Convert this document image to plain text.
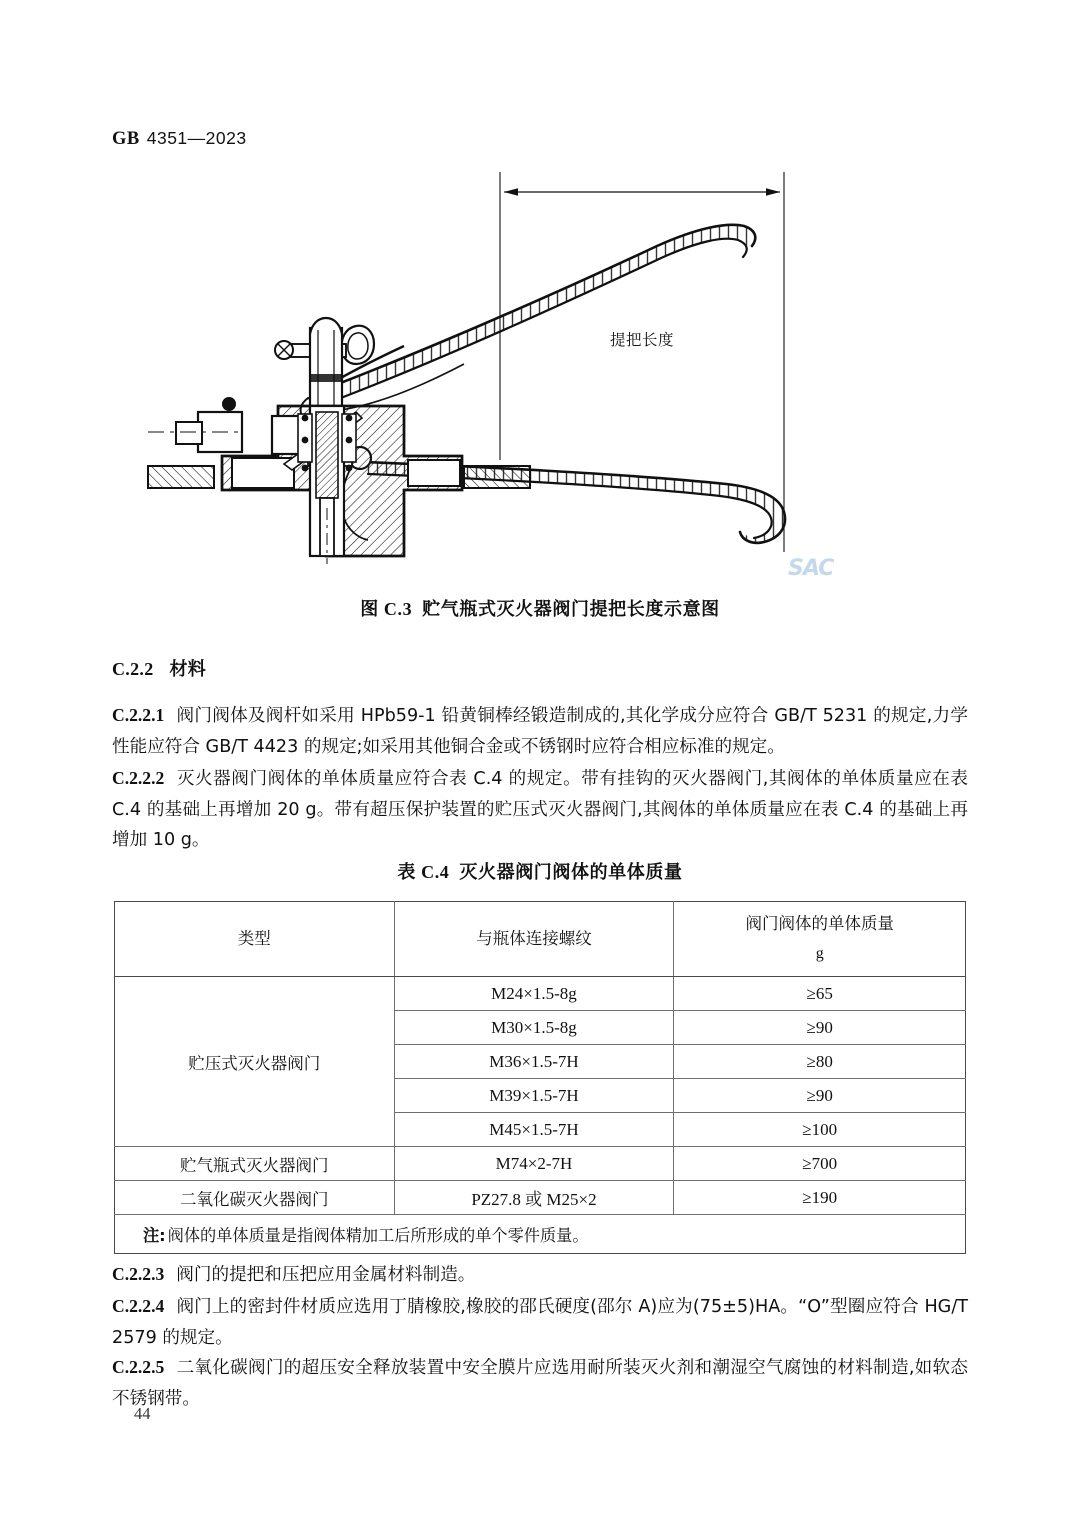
GB 4351—2023
提把长度
SAC
图 C.3 贮气瓶式灭火器阀门提把长度示意图
C.2.2 材料
C.2.2.1 阀门阀体及阀杆如采用 HPb59-1 铅黄铜棒经锻造制成的,其化学成分应符合 GB/T 5231 的规定,力学性能应符合 GB/T 4423 的规定;如采用其他铜合金或不锈钢时应符合相应标准的规定。
C.2.2.2 灭火器阀门阀体的单体质量应符合表 C.4 的规定。带有挂钩的灭火器阀门,其阀体的单体质量应在表 C.4 的基础上再增加 20 g。带有超压保护装置的贮压式灭火器阀门,其阀体的单体质量应在表 C.4 的基础上再增加 10 g。
表 C.4 灭火器阀门阀体的单体质量
类型	与瓶体连接螺纹	阀门阀体的单体质量
g

贮压式灭火器阀门	M24×1.5-8g	≥65
	M30×1.5-8g	≥90
	M36×1.5-7H	≥80
	M39×1.5-7H	≥90
	M45×1.5-7H	≥100
贮气瓶式灭火器阀门	M74×2-7H	≥700
二氧化碳灭火器阀门	PZ27.8 或 M25×2	≥190
注: 阀体的单体质量是指阀体精加工后所形成的单个零件质量。		
C.2.2.3 阀门的提把和压把应用金属材料制造。
C.2.2.4 阀门上的密封件材质应选用丁腈橡胶,橡胶的邵氏硬度(邵尔 A)应为(75±5)HA。“O”型圈应符合 HG/T 2579 的规定。
C.2.2.5 二氧化碳阀门的超压安全释放装置中安全膜片应选用耐所装灭火剂和潮湿空气腐蚀的材料制造,如软态不锈钢带。
44
